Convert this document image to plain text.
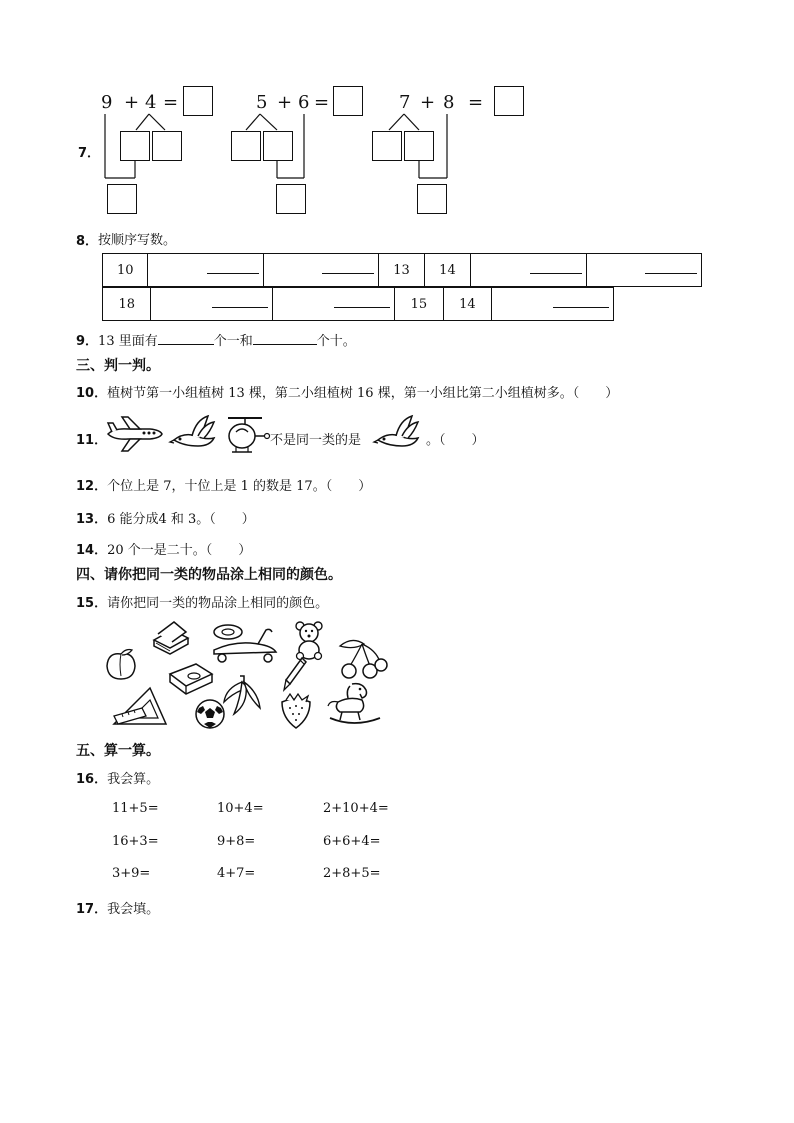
7．
9 + 4 =	5 + 6 =	7 + 8 =
8． 按顺序写数。
10			13	14		
18			15	14	
9．13 里面有	个一和	个十。
三、判一判。
10．植树节第一小组植树 13 棵，第二小组植树 16 棵，第一小组比第二小组植树多。（　　）
11．	不是同一类的是	。（　　）
12．个位上是 7，十位上是 1 的数是 17。（　　）
13．6 能分成4 和 3。（　　）
14．20 个一是二十。（　　）
四、请你把同一类的物品涂上相同的颜色。
15．请你把同一类的物品涂上相同的颜色。
五、算一算。
16．我会算。
11+5=	10+4=	2+10+4=
16+3=	9+8=	6+6+4=
3+9=	4+7=	2+8+5=
17．我会填。
